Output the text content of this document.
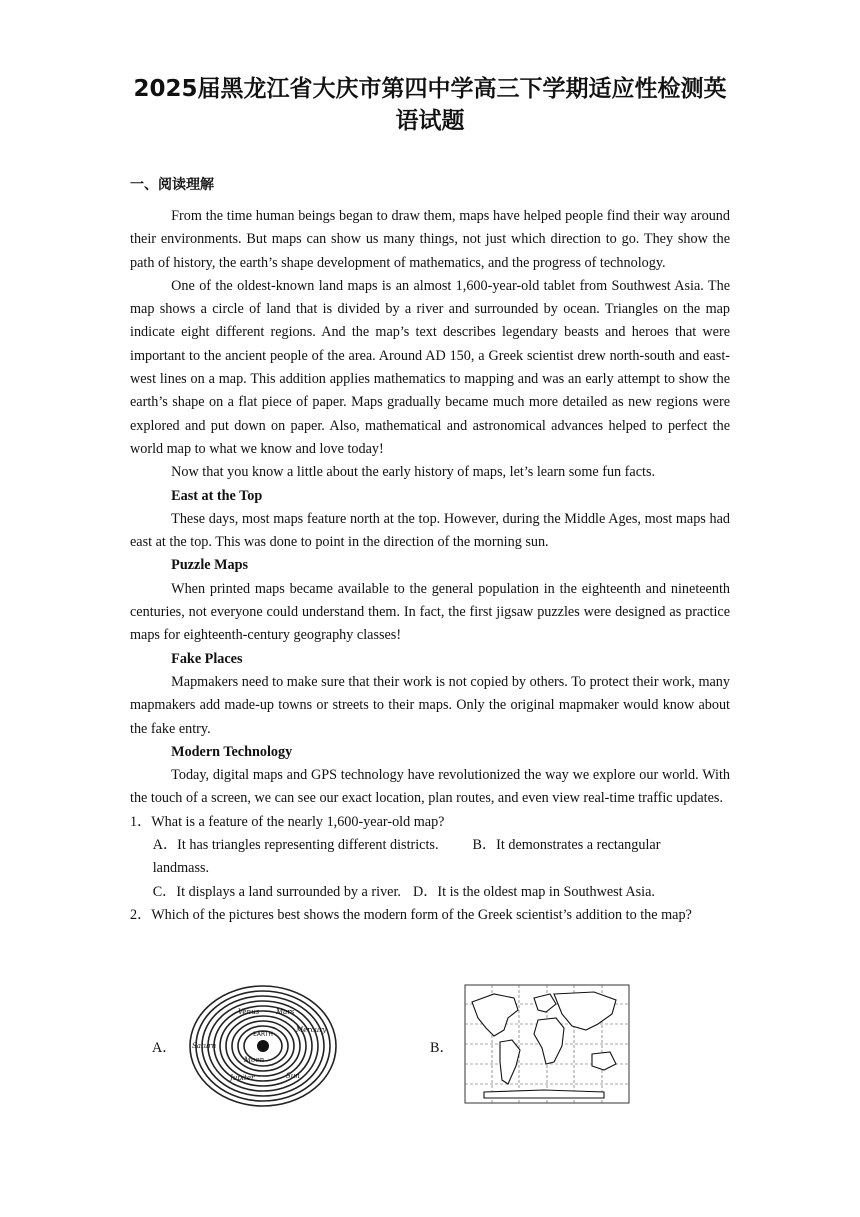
2025届黑龙江省大庆市第四中学高三下学期适应性检测英
语试题
一、阅读理解

From the time human beings began to draw them, maps have helped people find their way around their environments. But maps can show us many things, not just which direction to go. They show the path of history, the earth’s shape development of mathematics, and the progress of technology.

One of the oldest-known land maps is an almost 1,600-year-old tablet from Southwest Asia. The map shows a circle of land that is divided by a river and surrounded by ocean. Triangles on the map indicate eight different regions. And the map’s text describes legendary beasts and heroes that were important to the ancient people of the area. Around AD 150, a Greek scientist drew north-south and east-west lines on a map. This addition applies mathematics to mapping and was an early attempt to show the earth’s shape on a flat piece of paper. Maps gradually became much more detailed as new regions were explored and put down on paper. Also, mathematical and astronomical advances helped to perfect the world map to what we know and love today!

Now that you know a little about the early history of maps, let’s learn some fun facts.

East at the Top

These days, most maps feature north at the top. However, during the Middle Ages, most maps had east at the top. This was done to point in the direction of the morning sun.

Puzzle Maps

When printed maps became available to the general population in the eighteenth and nineteenth centuries, not everyone could understand them. In fact, the first jigsaw puzzles were designed as practice maps for eighteenth-century geography classes!

Fake Places

Mapmakers need to make sure that their work is not copied by others. To protect their work, many mapmakers add made-up towns or streets to their maps. Only the original mapmaker would know about the fake entry.

Modern Technology

Today, digital maps and GPS technology have revolutionized the way we explore our world. With the touch of a screen, we can see our exact location, plan routes, and even view real-time traffic updates.

1．What is a feature of the nearly 1,600-year-old map?
A．It has triangles representing different districts. B．It demonstrates a rectangular
landmass.
C．It displays a land surrounded by a river. D．It is the oldest map in Southwest Asia.
2．Which of the pictures best shows the modern form of the Greek scientist’s addition to the map?
A．
EARTH
Venus Mars
Mercury
Saturn
Jupiter
Moon
Sun
B．
